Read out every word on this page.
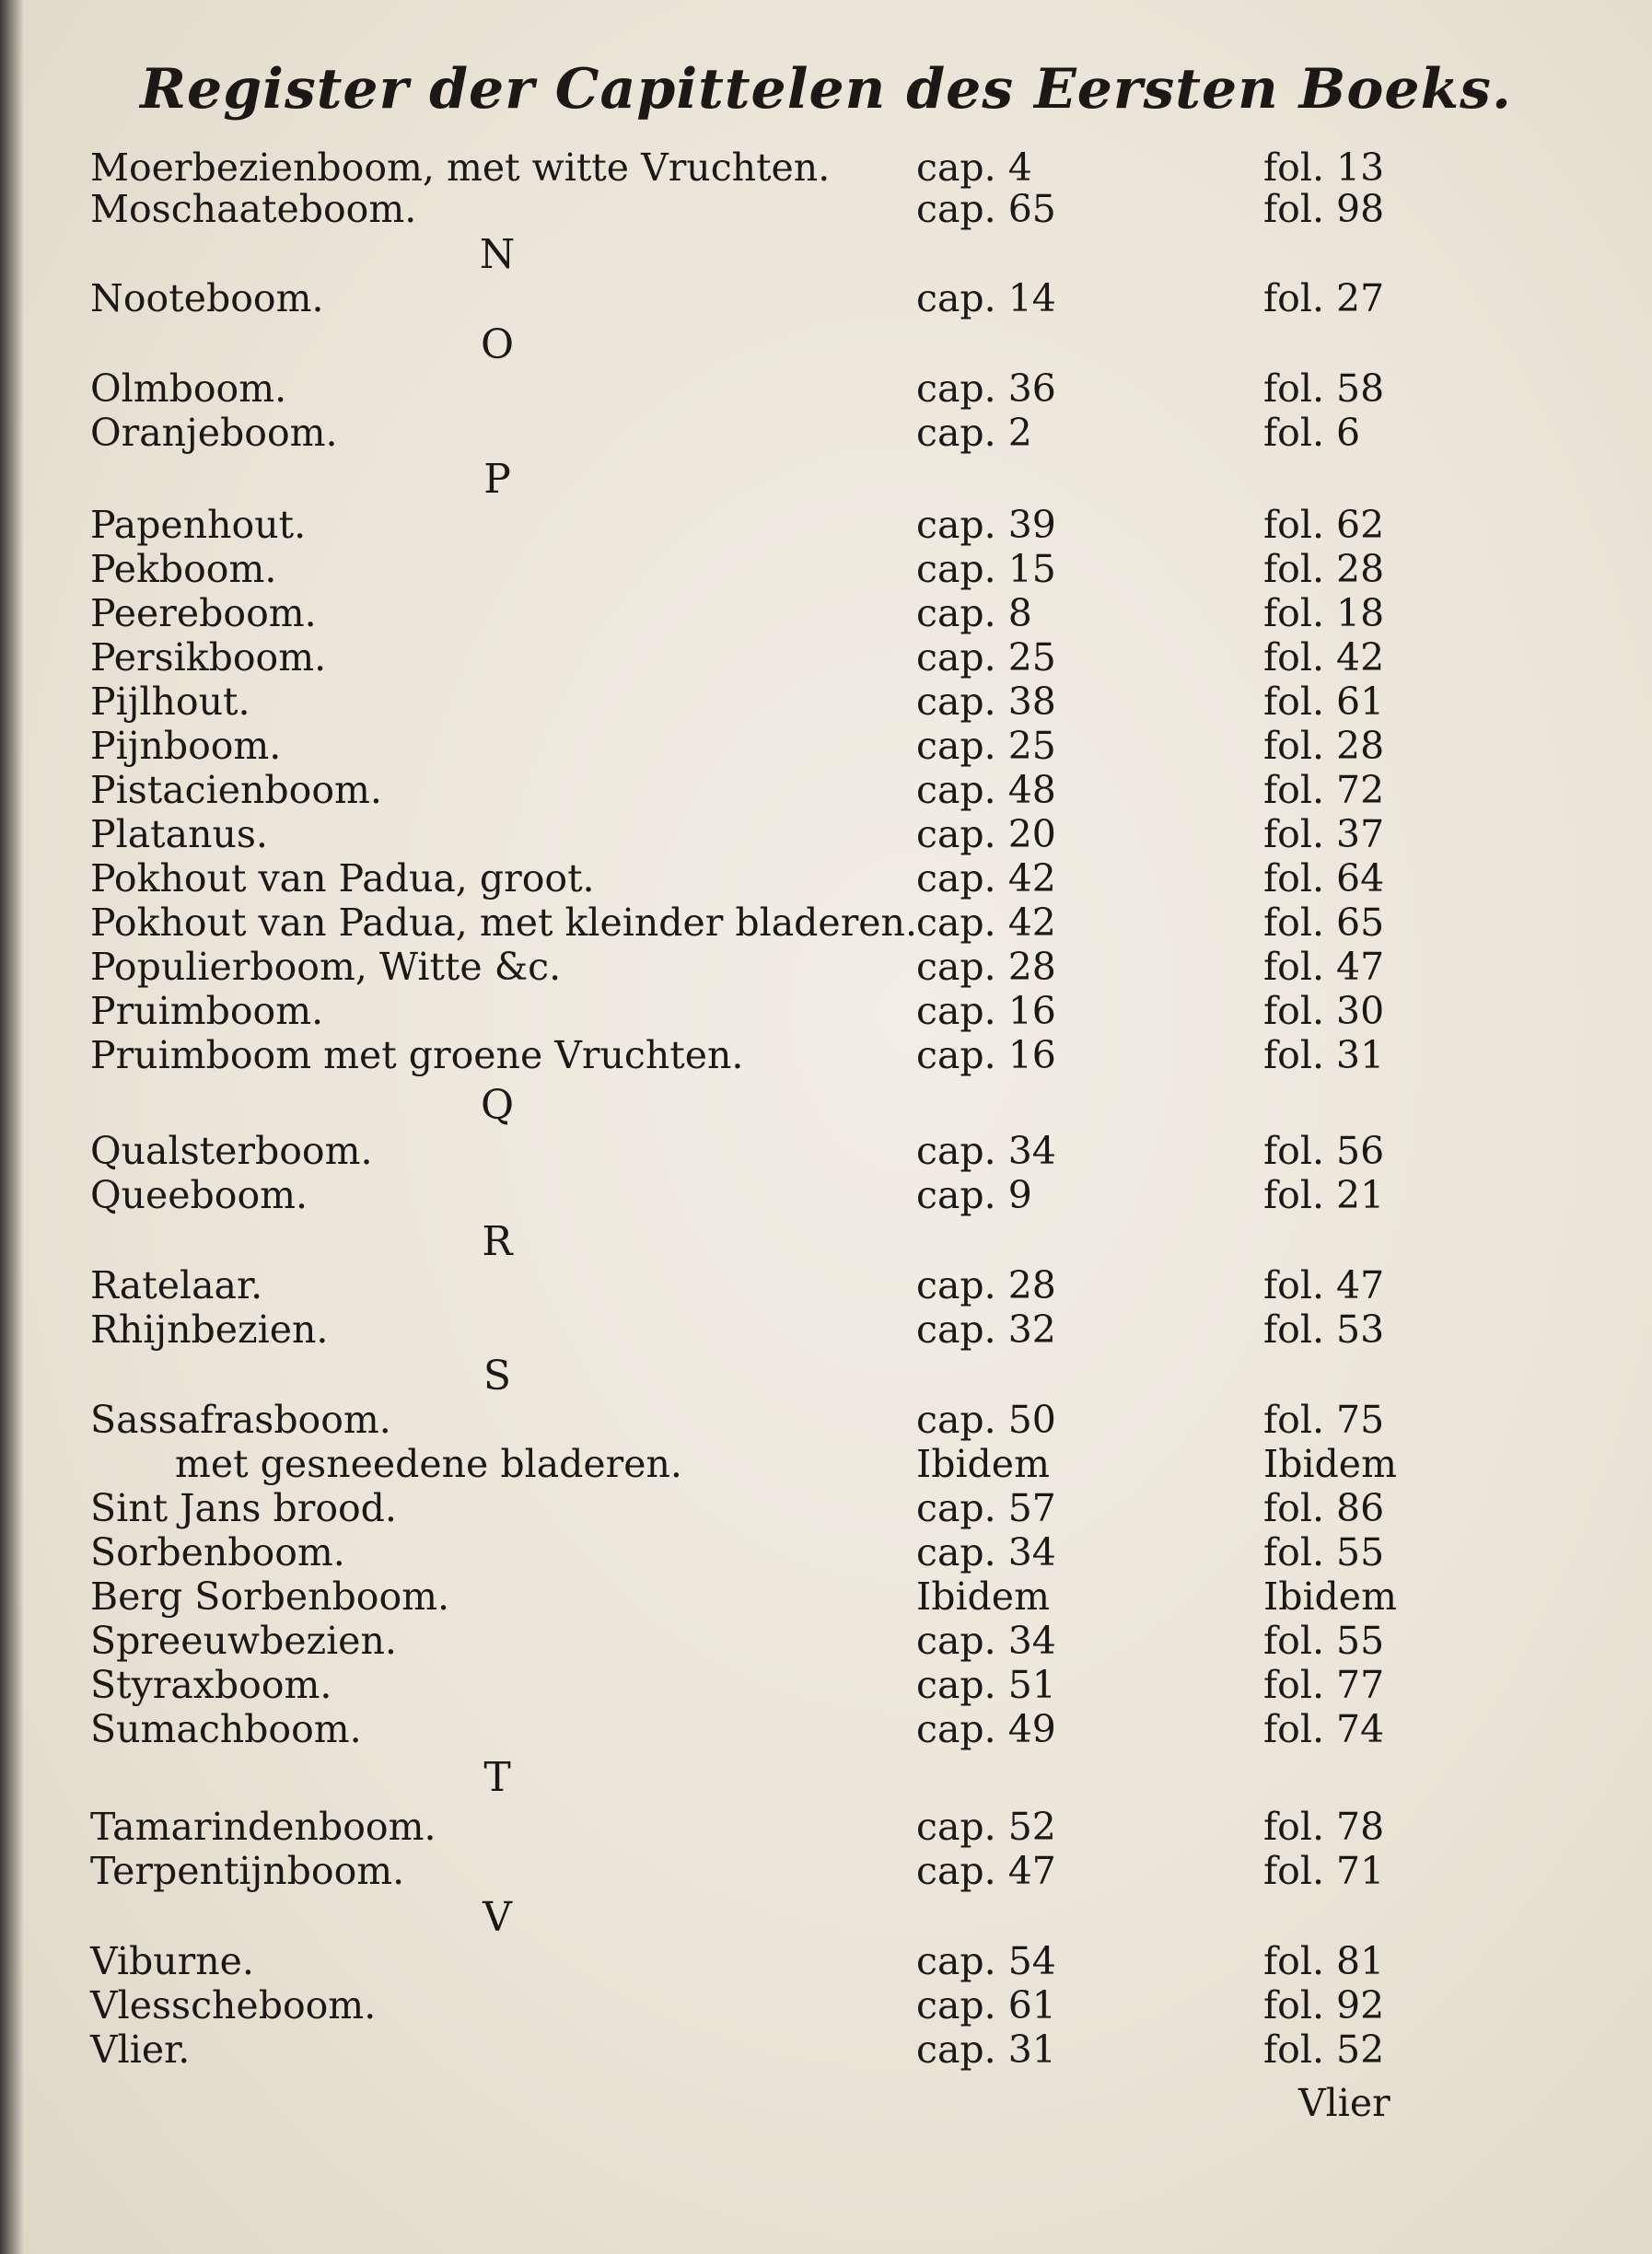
Register der Capittelen des Eersten Boeks.
Moerbezienboom, met witte Vruchten. cap. 4	fol. 13
Moschaateboom.	cap. 65	fol. 98
N
Nooteboom.	cap. 14	fol. 27
O
Olmboom.	cap. 36	fol. 58
Oranjeboom.	cap. 2	fol. 6
P
Papenhout.	cap. 39	fol. 62
Pekboom.	cap. 15	fol. 28
Peereboom.	cap. 8	fol. 18
Persikboom.	cap. 25	fol. 42
Pijlhout.	cap. 38	fol. 61
Pijnboom.	cap. 25	fol. 28
Pistacienboom.	cap. 48	fol. 72
Platanus.	cap. 20	fol. 37
Pokhout van Padua, groot.	cap. 42	fol. 64
Pokhout van Padua, met kleinder bladeren. cap. 42	fol. 65
Populierboom, Witte &c.	cap. 28	fol. 47
Pruimboom.	cap. 16	fol. 30
Pruimboom met groene Vruchten.	cap. 16	fol. 31
Q
Qualsterboom.	cap. 34	fol. 56
Queeboom.	cap. 9	fol. 21
R
Ratelaar.	cap. 28	fol. 47
Rhijnbezien.	cap. 32	fol. 53
S
Sassafrasboom.	cap. 50	fol. 75
met gesneedene bladeren.	Ibidem	Ibidem
Sint Jans brood.	cap. 57	fol. 86
Sorbenboom.	cap. 34	fol. 55
Berg Sorbenboom.	Ibidem	Ibidem
Spreeuwbezien.	cap. 34	fol. 55
Styraxboom.	cap. 51	fol. 77
Sumachboom.	cap. 49	fol. 74
T
Tamarindenboom.	cap. 52	fol. 78
Terpentijnboom.	cap. 47	fol. 71
V
Viburne.	cap. 54	fol. 81
Vlesscheboom.	cap. 61	fol. 92
Vlier.	cap. 31	fol. 52
Vlier
